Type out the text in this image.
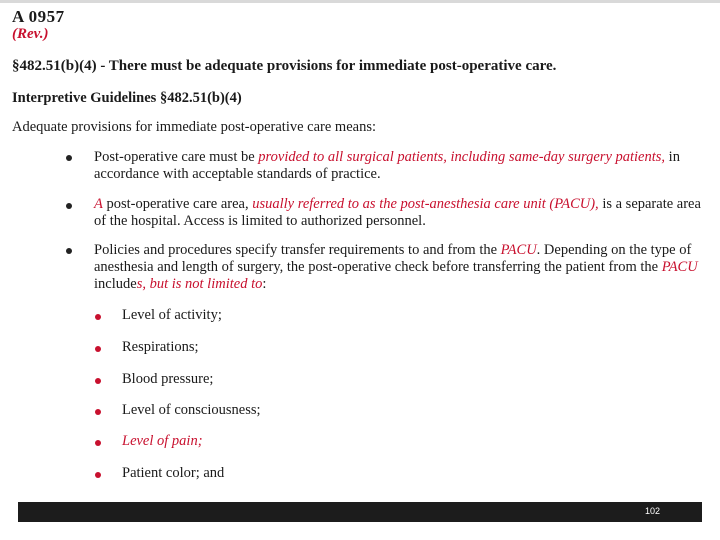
A 0957
(Rev.)
§482.51(b)(4) - There must be adequate provisions for immediate post-operative care.
Interpretive Guidelines §482.51(b)(4)
Adequate provisions for immediate post-operative care means:
Post-operative care must be provided to all surgical patients, including same-day surgery patients, in accordance with acceptable standards of practice.
A post-operative care area, usually referred to as the post-anesthesia care unit (PACU), is a separate area of the hospital. Access is limited to authorized personnel.
Policies and procedures specify transfer requirements to and from the PACU. Depending on the type of anesthesia and length of surgery, the post-operative check before transferring the patient from the PACU includes, but is not limited to:
Level of activity;
Respirations;
Blood pressure;
Level of consciousness;
Level of pain;
Patient color; and
102
